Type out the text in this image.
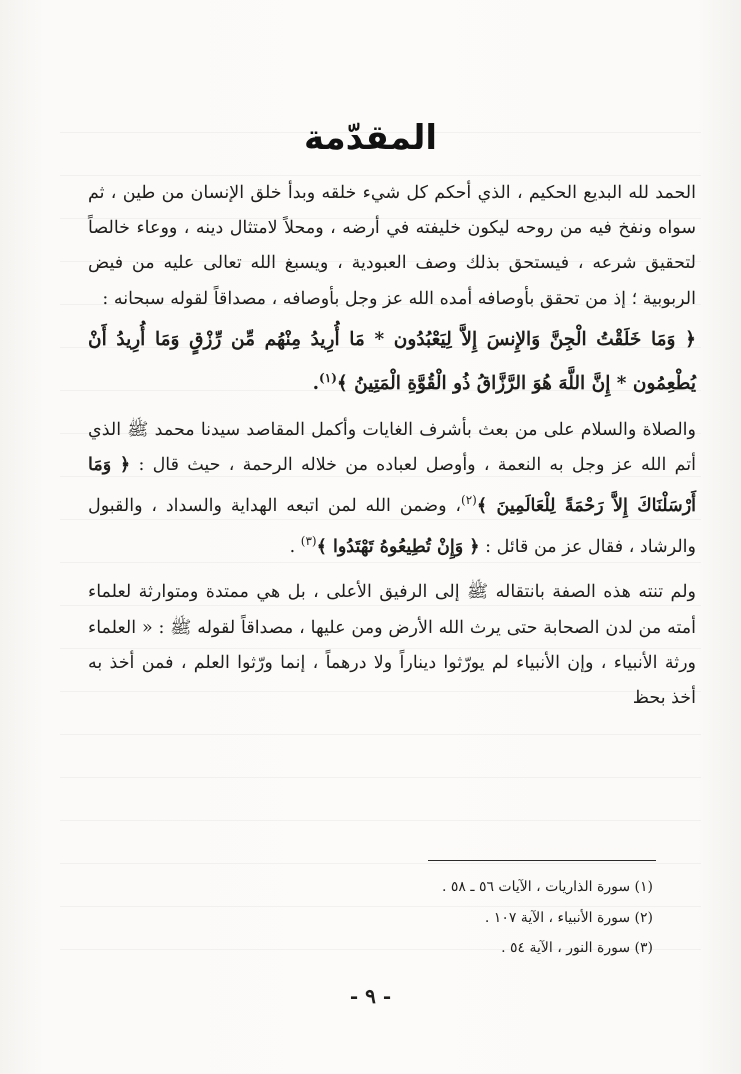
المقدّمة

الحمد لله البديع الحكيم ، الذي أحكم كل شيء خلقه وبدأ خلق الإنسان من طين ، ثم سواه ونفخ فيه من روحه ليكون خليفته في أرضه ، ومحلاً لامتثال دينه ، ووعاء خالصاً لتحقيق شرعه ، فيستحق بذلك وصف العبودية ، ويسبغ الله تعالى عليه من فيض الربوبية ؛ إذ من تحقق بأوصافه أمده الله عز وجل بأوصافه ، مصداقاً لقوله سبحانه :

﴿ وَمَا خَلَقْتُ الْجِنَّ وَالإِنسَ إِلاَّ لِيَعْبُدُون * مَا أُرِيدُ مِنْهُم مِّن رِّزْقٍ وَمَا أُرِيدُ أَنْ يُطْعِمُون * إِنَّ اللَّهَ هُوَ الرَّزَّاقُ ذُو الْقُوَّةِ الْمَتِينُ ﴾$^{(١)}$.

والصلاة والسلام على من بعث بأشرف الغايات وأكمل المقاصد سيدنا محمد ﷺ الذي أتم الله عز وجل به النعمة ، وأوصل لعباده من خلاله الرحمة ، حيث قال : ﴿ وَمَا أَرْسَلْنَاكَ إِلاَّ رَحْمَةً لِلْعَالَمِينَ ﴾$^{(٢)}$، وضمن الله لمن اتبعه الهداية والسداد ، والقبول والرشاد ، فقال عز من قائل : ﴿ وَإِنْ تُطِيعُوهُ تَهْتَدُوا ﴾$^{(٣)}$ .

ولم تنته هذه الصفة بانتقاله ﷺ إلى الرفيق الأعلى ، بل هي ممتدة ومتوارثة لعلماء أمته من لدن الصحابة حتى يرث الله الأرض ومن عليها ، مصداقاً لقوله ﷺ : « العلماء ورثة الأنبياء ، وإن الأنبياء لم يورّثوا ديناراً ولا درهماً ، إنما ورّثوا العلم ، فمن أخذ به أخذ بحظ

(١) سورة الذاريات ، الآيات ٥٦ ـ ٥٨ .

(٢) سورة الأنبياء ، الآية ١٠٧ .

(٣) سورة النور ، الآية ٥٤ .

- ٩ -
